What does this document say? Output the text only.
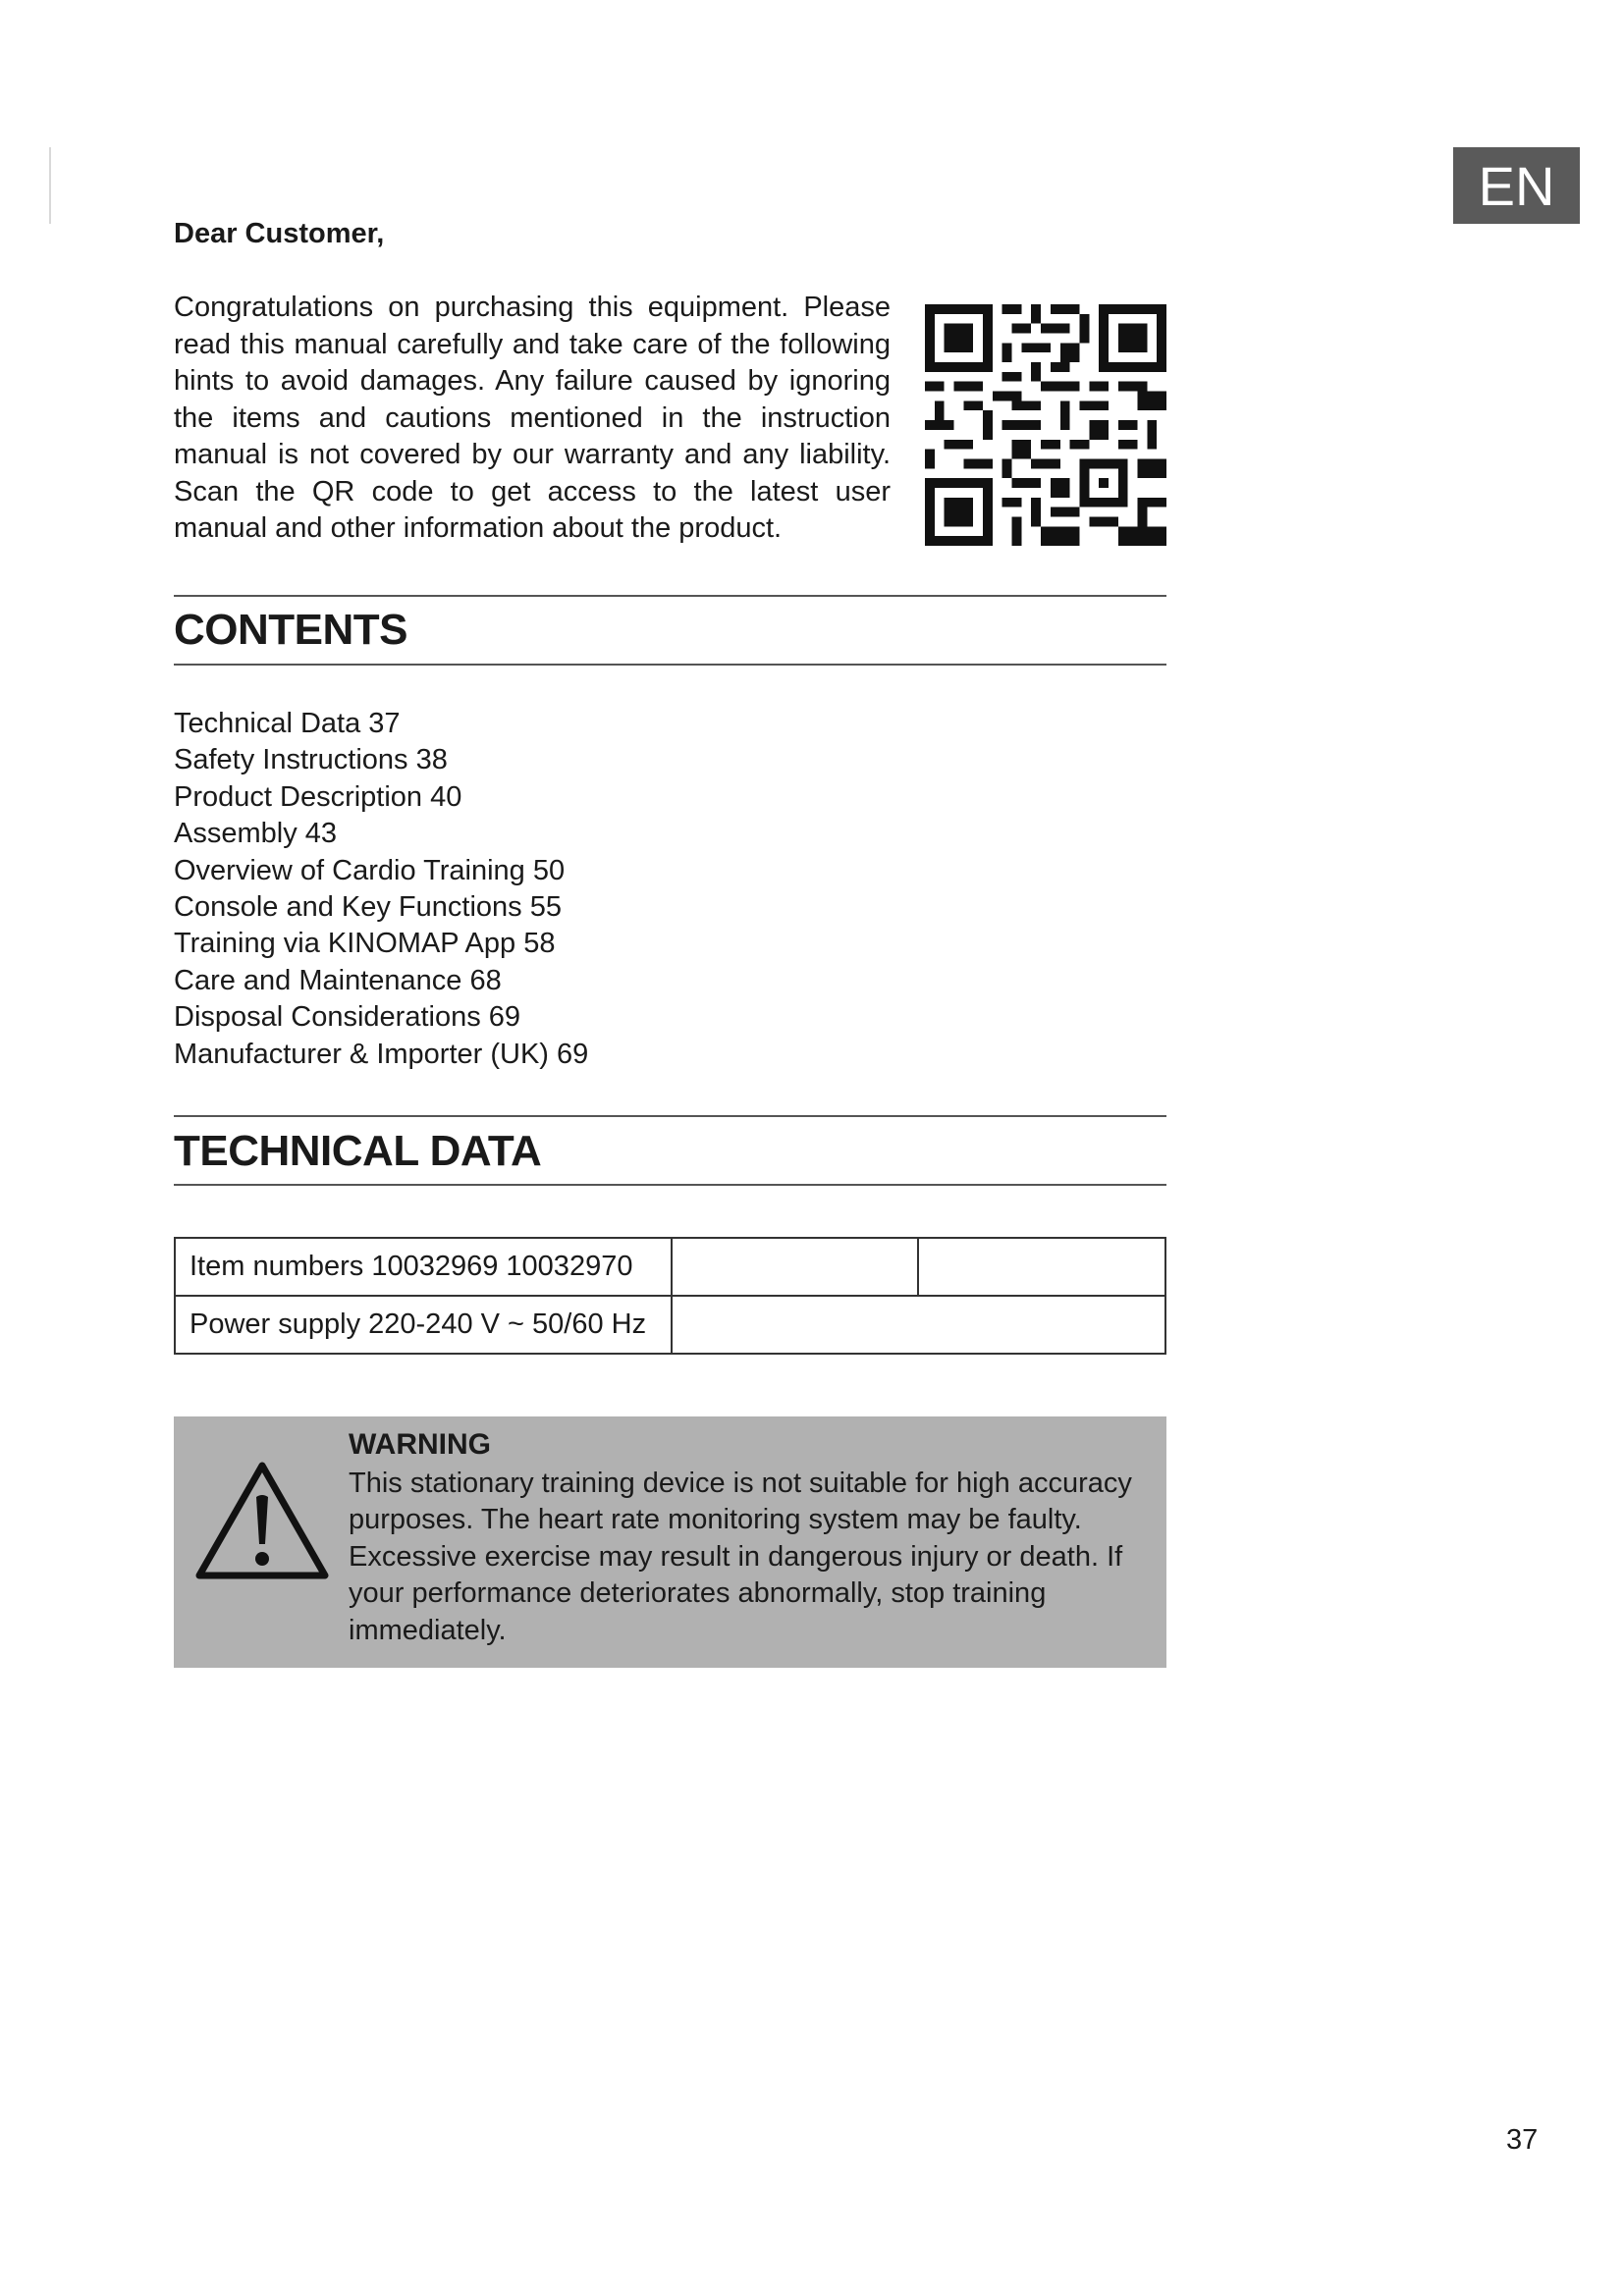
EN
Dear Customer,

Congratulations on purchasing this equipment. Please read this manual carefully and take care of the following hints to avoid damages. Any failure caused by ignoring the items and cautions mentioned in the instruction manual is not covered by our warranty and any liability. Scan the QR code to get access to the latest user manual and other information about the product.

CONTENTS
Technical Data 37
Safety Instructions 38
Product Description 40
Assembly 43
Overview of Cardio Training 50
Console and Key Functions 55
Training via KINOMAP App 58
Care and Maintenance 68
Disposal Considerations 69
Manufacturer & Importer (UK) 69
TECHNICAL DATA
Item numbers 10032969 10032970		
Power supply 220-240 V ~ 50/60 Hz		
WARNING

This stationary training device is not suitable for high accuracy purposes. The heart rate monitoring system may be faulty. Excessive exercise may result in dangerous injury or death. If your performance deteriorates abnormally, stop training immediately.

37
